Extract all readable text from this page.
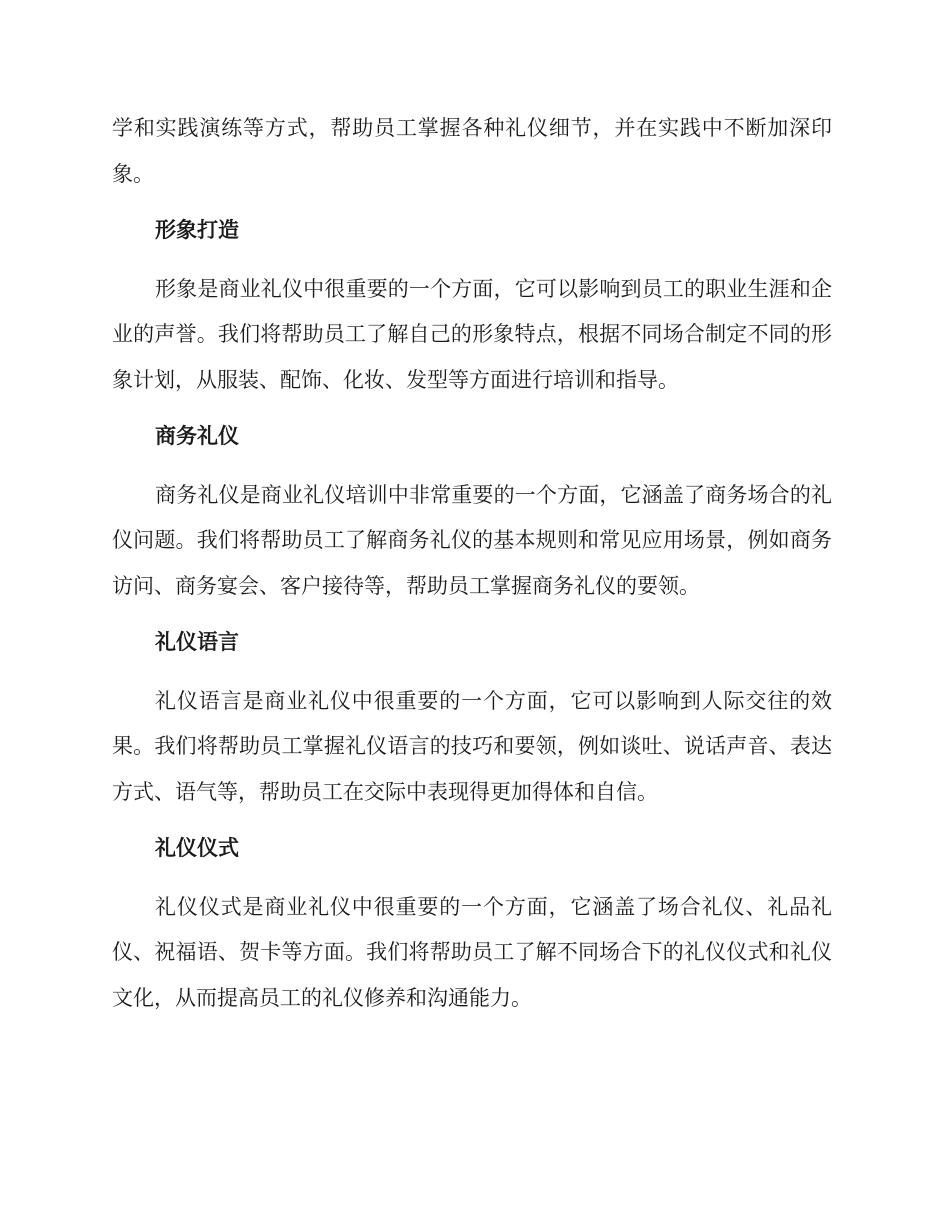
学和实践演练等方式，帮助员工掌握各种礼仪细节，并在实践中不断加深印象。

形象打造

形象是商业礼仪中很重要的一个方面，它可以影响到员工的职业生涯和企业的声誉。我们将帮助员工了解自己的形象特点，根据不同场合制定不同的形象计划，从服装、配饰、化妆、发型等方面进行培训和指导。

商务礼仪

商务礼仪是商业礼仪培训中非常重要的一个方面，它涵盖了商务场合的礼仪问题。我们将帮助员工了解商务礼仪的基本规则和常见应用场景，例如商务访问、商务宴会、客户接待等，帮助员工掌握商务礼仪的要领。

礼仪语言

礼仪语言是商业礼仪中很重要的一个方面，它可以影响到人际交往的效果。我们将帮助员工掌握礼仪语言的技巧和要领，例如谈吐、说话声音、表达方式、语气等，帮助员工在交际中表现得更加得体和自信。

礼仪仪式

礼仪仪式是商业礼仪中很重要的一个方面，它涵盖了场合礼仪、礼品礼仪、祝福语、贺卡等方面。我们将帮助员工了解不同场合下的礼仪仪式和礼仪文化，从而提高员工的礼仪修养和沟通能力。
